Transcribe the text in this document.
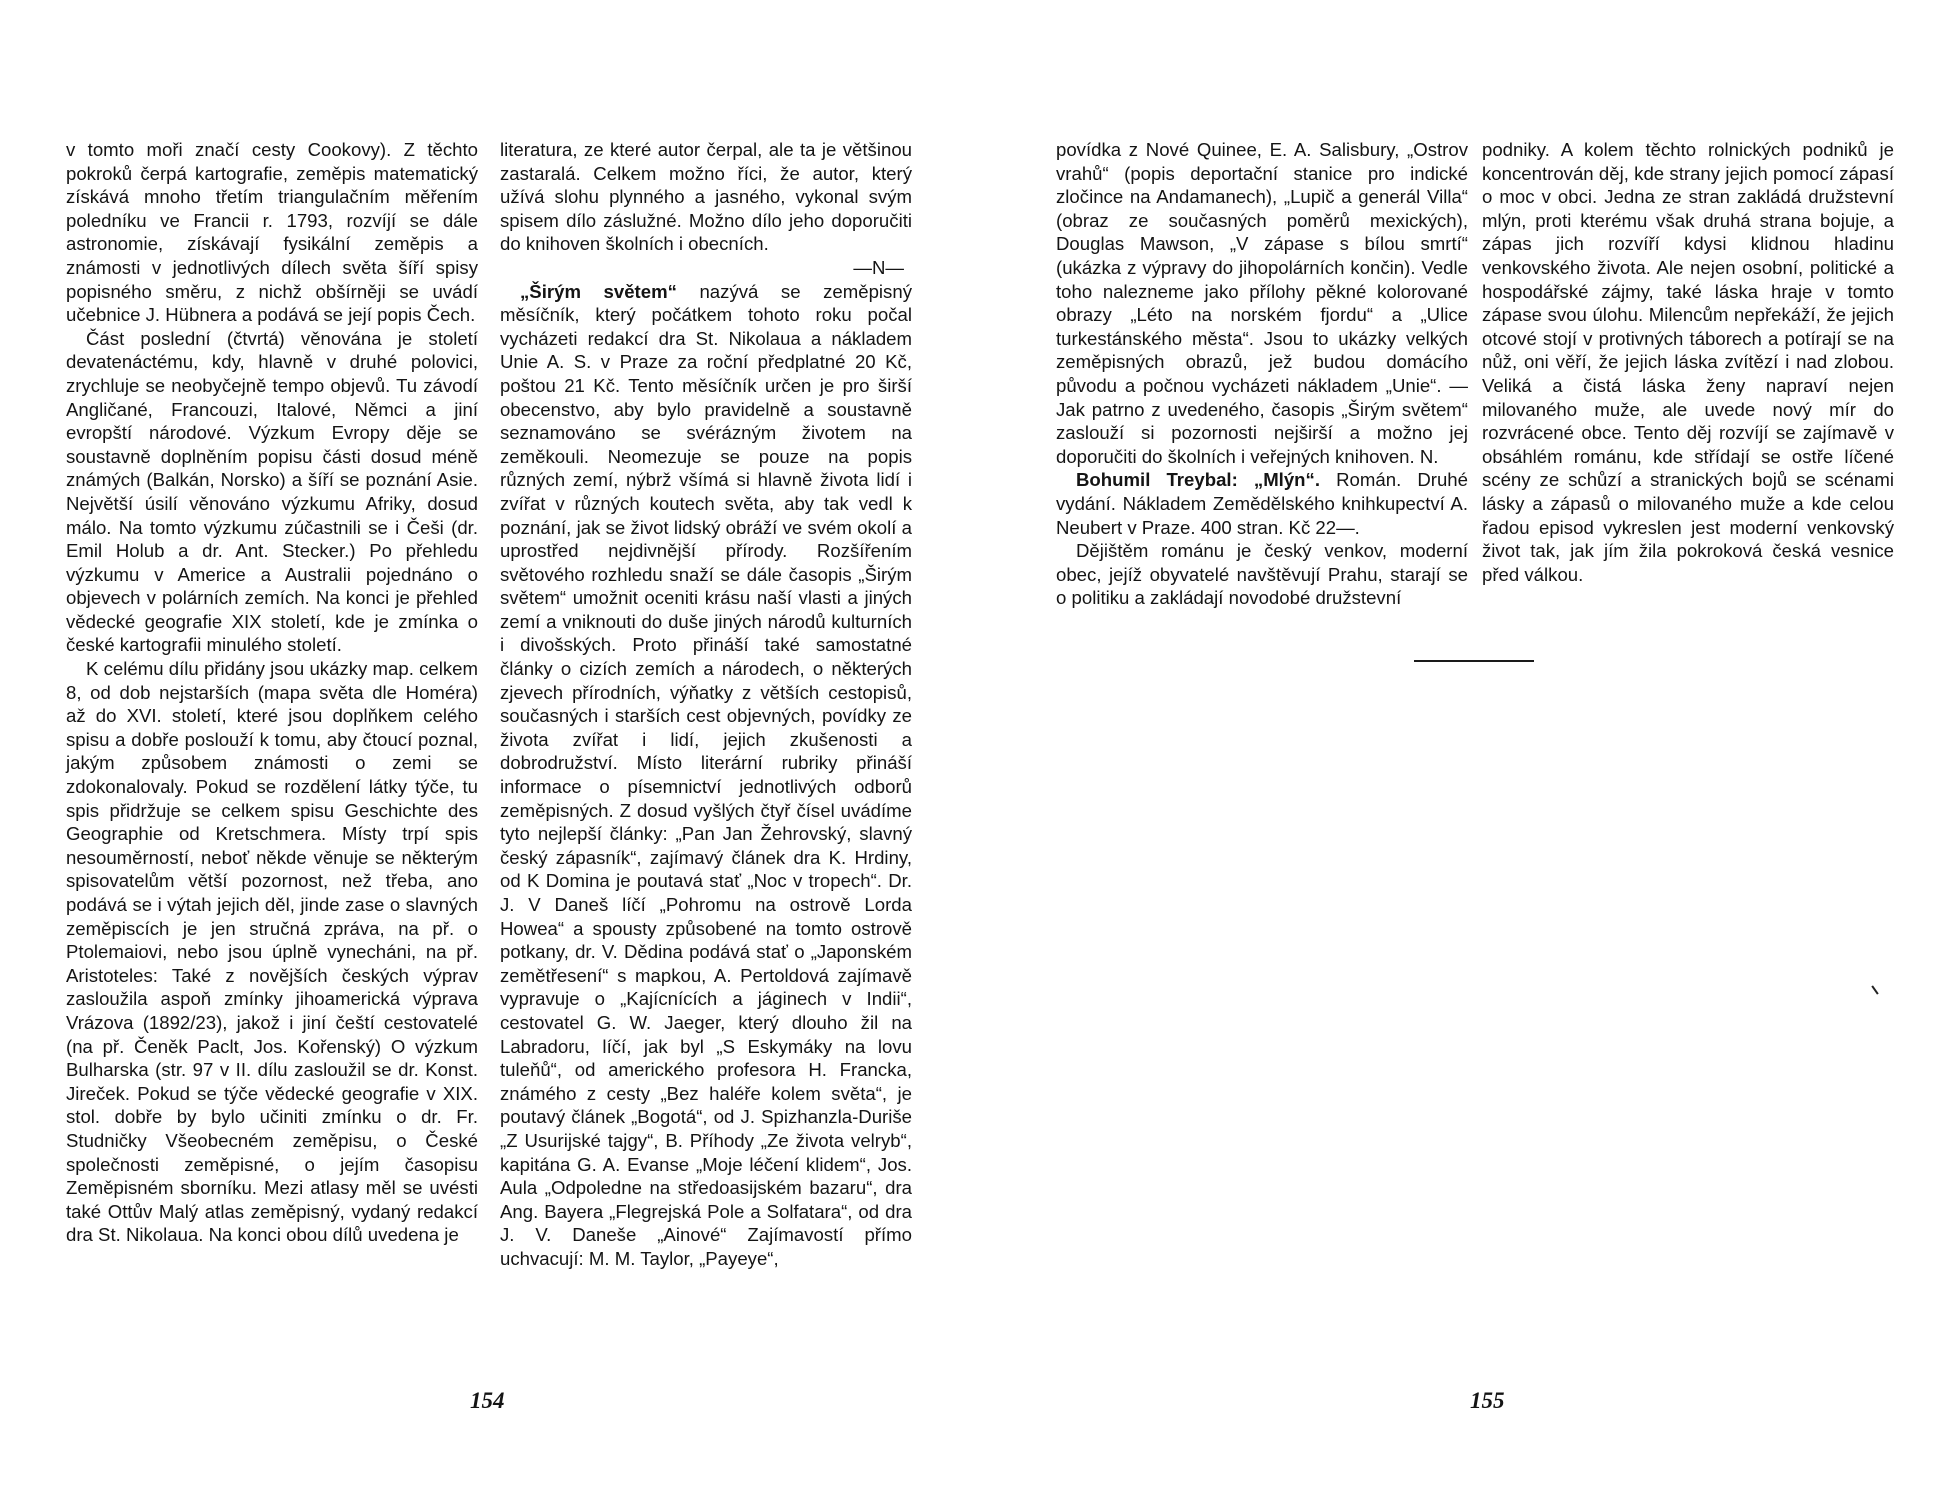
v tomto moři značí cesty Cookovy). Z těchto pokroků čerpá kartografie, zeměpis matematický získává mnoho třetím triangulačním měřením poledníku ve Francii r. 1793, rozvíjí se dále astronomie, získávají fysikální zeměpis a známosti v jednotlivých dílech světa šíří spisy popisného směru, z nichž obšírněji se uvádí učebnice J. Hübnera a podává se její popis Čech.

Část poslední (čtvrtá) věnována je století devatenáctému, kdy, hlavně v druhé polovici, zrychluje se neobyčejně tempo objevů. Tu závodí Angličané, Francouzi, Italové, Němci a jiní evropští národové. Výzkum Evropy děje se soustavně doplněním popisu části dosud méně známých (Balkán, Norsko) a šíří se poznání Asie. Největší úsilí věnováno výzkumu Afriky, dosud málo. Na tomto výzkumu zúčastnili se i Češi (dr. Emil Holub a dr. Ant. Stecker.) Po přehledu výzkumu v Americe a Australii pojednáno o objevech v polárních zemích. Na konci je přehled vědecké geografie XIX století, kde je zmínka o české kartografii minulého století.

K celému dílu přidány jsou ukázky map. celkem 8, od dob nejstarších (mapa světa dle Homéra) až do XVI. století, které jsou doplňkem celého spisu a dobře poslouží k tomu, aby čtoucí poznal, jakým způsobem známosti o zemi se zdokonalovaly. Pokud se rozdělení látky týče, tu spis přidržuje se celkem spisu Geschichte des Geographie od Kretschmera. Místy trpí spis nesouměrností, neboť někde věnuje se některým spisovatelům větší pozornost, než třeba, ano podává se i výtah jejich děl, jinde zase o slavných zeměpiscích je jen stručná zpráva, na př. o Ptolemaiovi, nebo jsou úplně vynecháni, na př. Aristoteles: Také z novějších českých výprav zasloužila aspoň zmínky jihoamerická výprava Vrázova (1892/23), jakož i jiní čeští cestovatelé (na př. Čeněk Paclt, Jos. Kořenský) O výzkum Bulharska (str. 97 v II. dílu zasloužil se dr. Konst. Jireček. Pokud se týče vědecké geografie v XIX. stol. dobře by bylo učiniti zmínku o dr. Fr. Studničky Všeobecném zeměpisu, o České společnosti zeměpisné, o jejím časopisu Zeměpisném sborníku. Mezi atlasy měl se uvésti také Ottův Malý atlas zeměpisný, vydaný redakcí dra St. Nikolaua. Na konci obou dílů uvedena je

literatura, ze které autor čerpal, ale ta je většinou zastaralá. Celkem možno říci, že autor, který užívá slohu plynného a jasného, vykonal svým spisem dílo záslužné. Možno dílo jeho doporučiti do knihoven školních i obecních.

—N—

„Širým světem“ nazývá se zeměpisný měsíčník, který počátkem tohoto roku počal vycházeti redakcí dra St. Nikolaua a nákladem Unie A. S. v Praze za roční předplatné 20 Kč, poštou 21 Kč. Tento měsíčník určen je pro širší obecenstvo, aby bylo pravidelně a soustavně seznamováno se svérázným životem na zeměkouli. Neomezuje se pouze na popis různých zemí, nýbrž všímá si hlavně života lidí i zvířat v různých koutech světa, aby tak vedl k poznání, jak se život lidský obráží ve svém okolí a uprostřed nejdivnější přírody. Rozšířením světového rozhledu snaží se dále časopis „Širým světem“ umožnit oceniti krásu naší vlasti a jiných zemí a vniknouti do duše jiných národů kulturních i divošských. Proto přináší také samostatné články o cizích zemích a národech, o některých zjevech přírodních, výňatky z větších cestopisů, současných i starších cest objevných, povídky ze života zvířat i lidí, jejich zkušenosti a dobrodružství. Místo literární rubriky přináší informace o písemnictví jednotlivých odborů zeměpisných. Z dosud vyšlých čtyř čísel uvádíme tyto nejlepší články: „Pan Jan Žehrovský, slavný český zápasník“, zajímavý článek dra K. Hrdiny, od K Domina je poutavá stať „Noc v tropech“. Dr. J. V Daneš líčí „Pohromu na ostrově Lorda Howea“ a spousty způsobené na tomto ostrově potkany, dr. V. Dědina podává stať o „Japonském zemětřesení“ s mapkou, A. Pertoldová zajímavě vypravuje o „Kajícnících a jáginech v Indii“, cestovatel G. W. Jaeger, který dlouho žil na Labradoru, líčí, jak byl „S Eskymáky na lovu tuleňů“, od amerického profesora H. Francka, známého z cesty „Bez haléře kolem světa“, je poutavý článek „Bogotá“, od J. Spizhanzla-Duriše „Z Usurijské tajgy“, B. Příhody „Ze života velryb“, kapitána G. A. Evanse „Moje léčení klidem“, Jos. Aula „Odpoledne na středoasijském bazaru“, dra Ang. Bayera „Flegrejská Pole a Solfatara“, od dra J. V. Daneše „Ainové“ Zajímavostí přímo uchvacují: M. M. Taylor, „Payeye“,

154

povídka z Nové Quinee, E. A. Salisbury, „Ostrov vrahů“ (popis deportační stanice pro indické zločince na Andamanech), „Lupič a generál Villa“ (obraz ze současných poměrů mexických), Douglas Mawson, „V zápase s bílou smrtí“ (ukázka z výpravy do jihopolárních končin). Vedle toho nalezneme jako přílohy pěkné kolorované obrazy „Léto na norském fjordu“ a „Ulice turkestánského města“. Jsou to ukázky velkých zeměpisných obrazů, jež budou domácího původu a počnou vycházeti nákladem „Unie“. — Jak patrno z uvedeného, časopis „Širým světem“ zaslouží si pozornosti nejširší a možno jej doporučiti do školních i veřejných knihoven. N.

Bohumil Treybal: „Mlýn“. Román. Druhé vydání. Nákladem Zemědělského knihkupectví A. Neubert v Praze. 400 stran. Kč 22—.

Dějištěm románu je český venkov, moderní obec, jejíž obyvatelé navštěvují Prahu, starají se o politiku a zakládají novodobé družstevní

podniky. A kolem těchto rolnických podniků je koncentrován děj, kde strany jejich pomocí zápasí o moc v obci. Jedna ze stran zakládá družstevní mlýn, proti kterému však druhá strana bojuje, a zápas jich rozvíří kdysi klidnou hladinu venkovského života. Ale nejen osobní, politické a hospodářské zájmy, také láska hraje v tomto zápase svou úlohu. Milencům nepřekáží, že jejich otcové stojí v protivných táborech a potírají se na nůž, oni věří, že jejich láska zvítězí i nad zlobou. Veliká a čistá láska ženy napraví nejen milovaného muže, ale uvede nový mír do rozvrácené obce. Tento děj rozvíjí se zajímavě v obsáhlém románu, kde střídají se ostře líčené scény ze schůzí a stranických bojů se scénami lásky a zápasů o milovaného muže a kde celou řadou episod vykreslen jest moderní venkovský život tak, jak jím žila pokroková česká vesnice před válkou.

155
